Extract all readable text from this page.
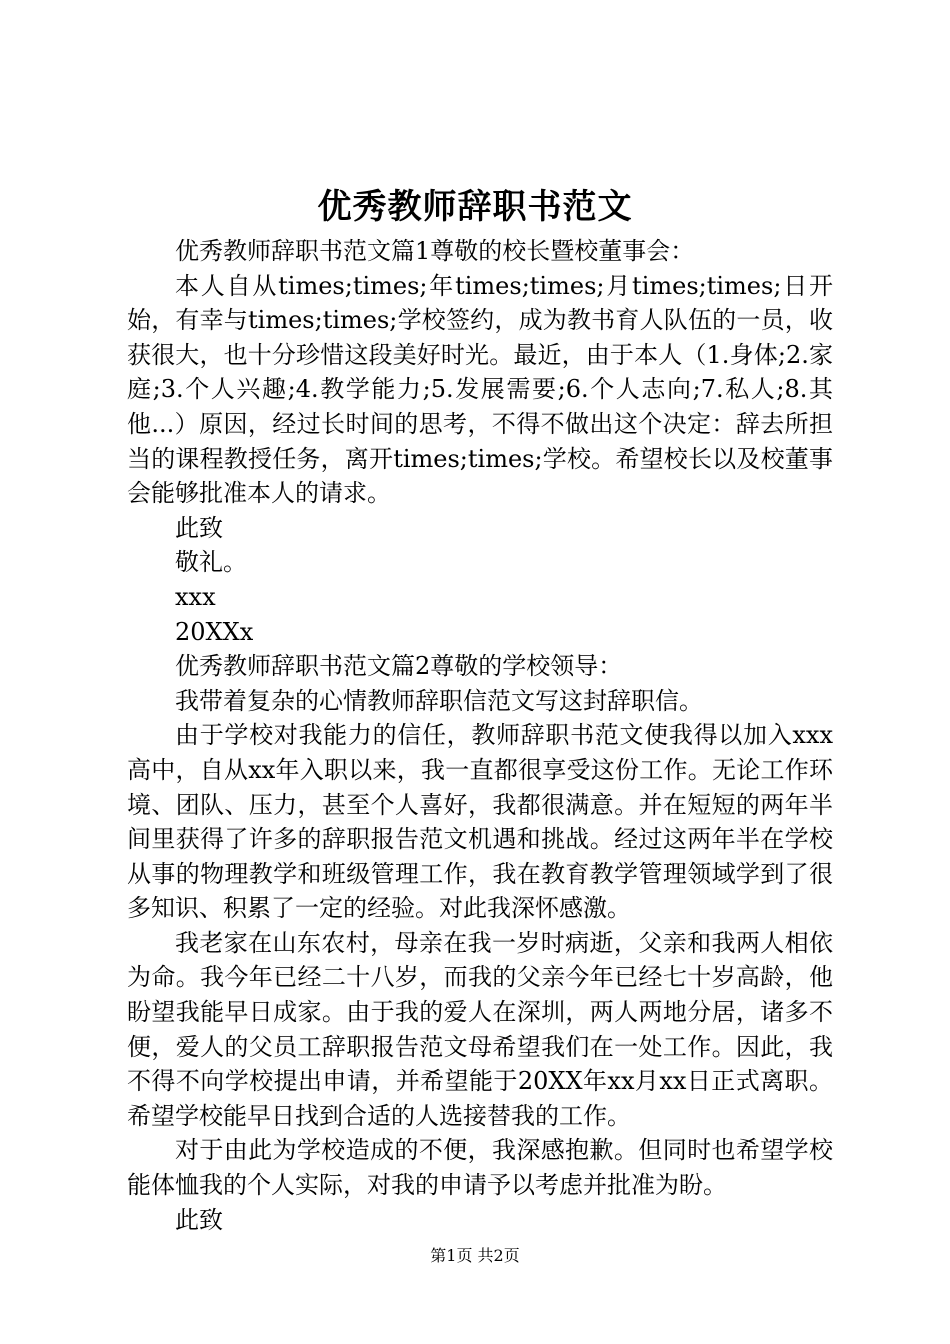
优秀教师辞职书范文

优秀教师辞职书范文篇1尊敬的校长暨校董事会：

本人自从times;times;年times;times;月times;times;日开始，有幸与times;times;学校签约，成为教书育人队伍的一员，收获很大，也十分珍惜这段美好时光。最近，由于本人（1.身体;2.家庭;3.个人兴趣;4.教学能力;5.发展需要;6.个人志向;7.私人;8.其他...）原因，经过长时间的思考，不得不做出这个决定：辞去所担当的课程教授任务，离开times;times;学校。希望校长以及校董事会能够批准本人的请求。

此致

敬礼。

xxx

20XXx

优秀教师辞职书范文篇2尊敬的学校领导：

我带着复杂的心情教师辞职信范文写这封辞职信。

由于学校对我能力的信任，教师辞职书范文使我得以加入xxx高中，自从xx年入职以来，我一直都很享受这份工作。无论工作环境、团队、压力，甚至个人喜好，我都很满意。并在短短的两年半间里获得了许多的辞职报告范文机遇和挑战。经过这两年半在学校从事的物理教学和班级管理工作，我在教育教学管理领域学到了很多知识、积累了一定的经验。对此我深怀感激。

我老家在山东农村，母亲在我一岁时病逝，父亲和我两人相依为命。我今年已经二十八岁，而我的父亲今年已经七十岁高龄，他盼望我能早日成家。由于我的爱人在深圳，两人两地分居，诸多不便，爱人的父员工辞职报告范文母希望我们在一处工作。因此，我不得不向学校提出申请，并希望能于20XX年xx月xx日正式离职。希望学校能早日找到合适的人选接替我的工作。

对于由此为学校造成的不便，我深感抱歉。但同时也希望学校能体恤我的个人实际，对我的申请予以考虑并批准为盼。

此致

第1页 共2页
